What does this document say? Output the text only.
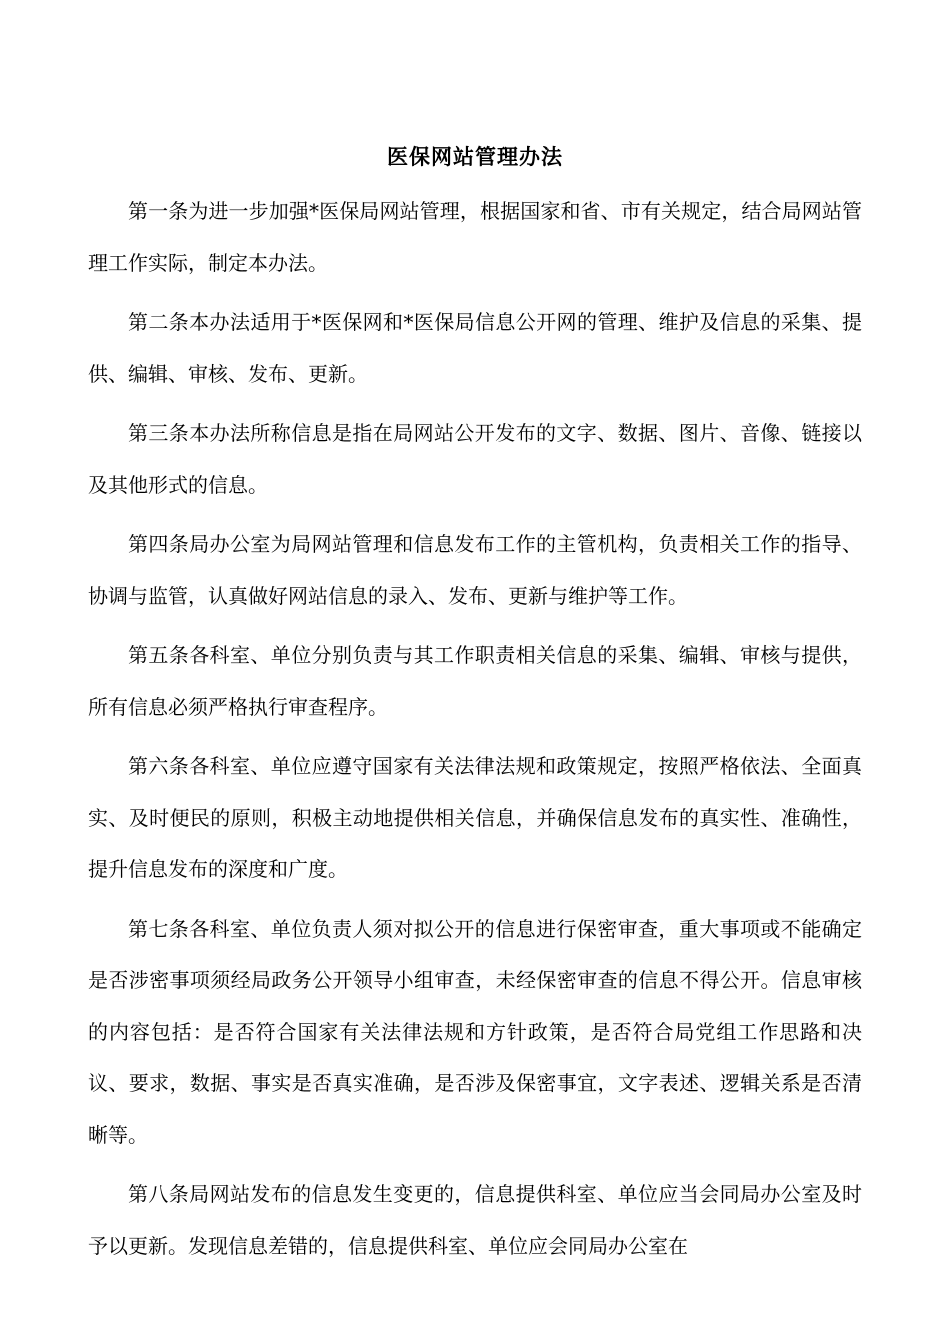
医保网站管理办法

第一条为进一步加强*医保局网站管理，根据国家和省、市有关规定，结合局网站管理工作实际，制定本办法。

第二条本办法适用于*医保网和*医保局信息公开网的管理、维护及信息的采集、提供、编辑、审核、发布、更新。

第三条本办法所称信息是指在局网站公开发布的文字、数据、图片、音像、链接以及其他形式的信息。

第四条局办公室为局网站管理和信息发布工作的主管机构，负责相关工作的指导、协调与监管，认真做好网站信息的录入、发布、更新与维护等工作。

第五条各科室、单位分别负责与其工作职责相关信息的采集、编辑、审核与提供，所有信息必须严格执行审查程序。

第六条各科室、单位应遵守国家有关法律法规和政策规定，按照严格依法、全面真实、及时便民的原则，积极主动地提供相关信息，并确保信息发布的真实性、准确性，提升信息发布的深度和广度。

第七条各科室、单位负责人须对拟公开的信息进行保密审查，重大事项或不能确定是否涉密事项须经局政务公开领导小组审查，未经保密审查的信息不得公开。信息审核的内容包括：是否符合国家有关法律法规和方针政策，是否符合局党组工作思路和决议、要求，数据、事实是否真实准确，是否涉及保密事宜，文字表述、逻辑关系是否清晰等。

第八条局网站发布的信息发生变更的，信息提供科室、单位应当会同局办公室及时予以更新。发现信息差错的，信息提供科室、单位应会同局办公室在
